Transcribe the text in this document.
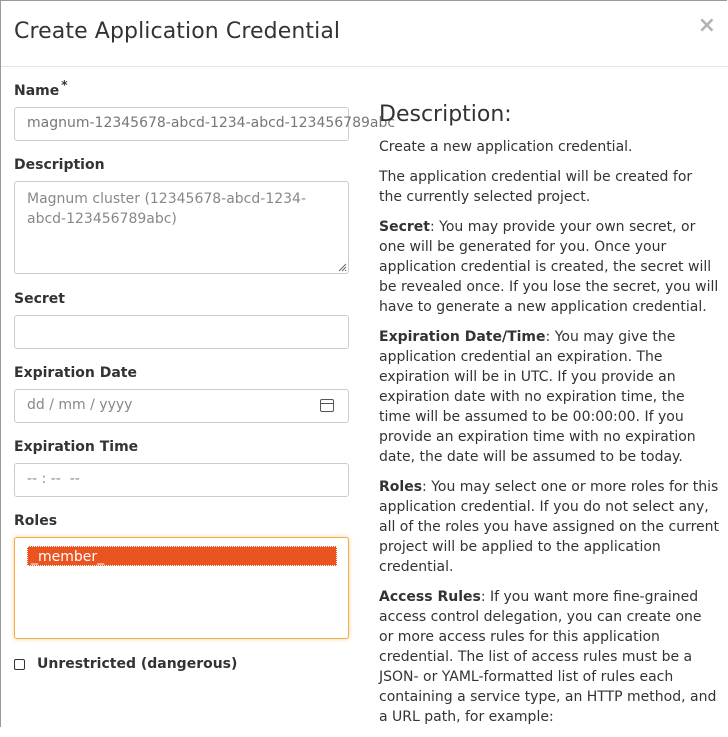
Create Application Credential	×
Name *
magnum-12345678-abcd-1234-abcd-123456789abc
Description
Magnum cluster (12345678-abcd-1234-abcd-123456789abc)
Secret
Expiration Date
dd / mm / yyyy
Expiration Time
-- : --  --
Roles
_member_
Unrestricted (dangerous)
Description:

Create a new application credential.

The application credential will be created for the currently selected project.

Secret: You may provide your own secret, or one will be generated for you. Once your application credential is created, the secret will be revealed once. If you lose the secret, you will have to generate a new application credential.

Expiration Date/Time: You may give the application credential an expiration. The expiration will be in UTC. If you provide an expiration date with no expiration time, the time will be assumed to be 00:00:00. If you provide an expiration time with no expiration date, the date will be assumed to be today.

Roles: You may select one or more roles for this application credential. If you do not select any, all of the roles you have assigned on the current project will be applied to the application credential.

Access Rules: If you want more fine-grained access control delegation, you can create one or more access rules for this application credential. The list of access rules must be a JSON- or YAML-formatted list of rules each containing a service type, an HTTP method, and a URL path, for example:
